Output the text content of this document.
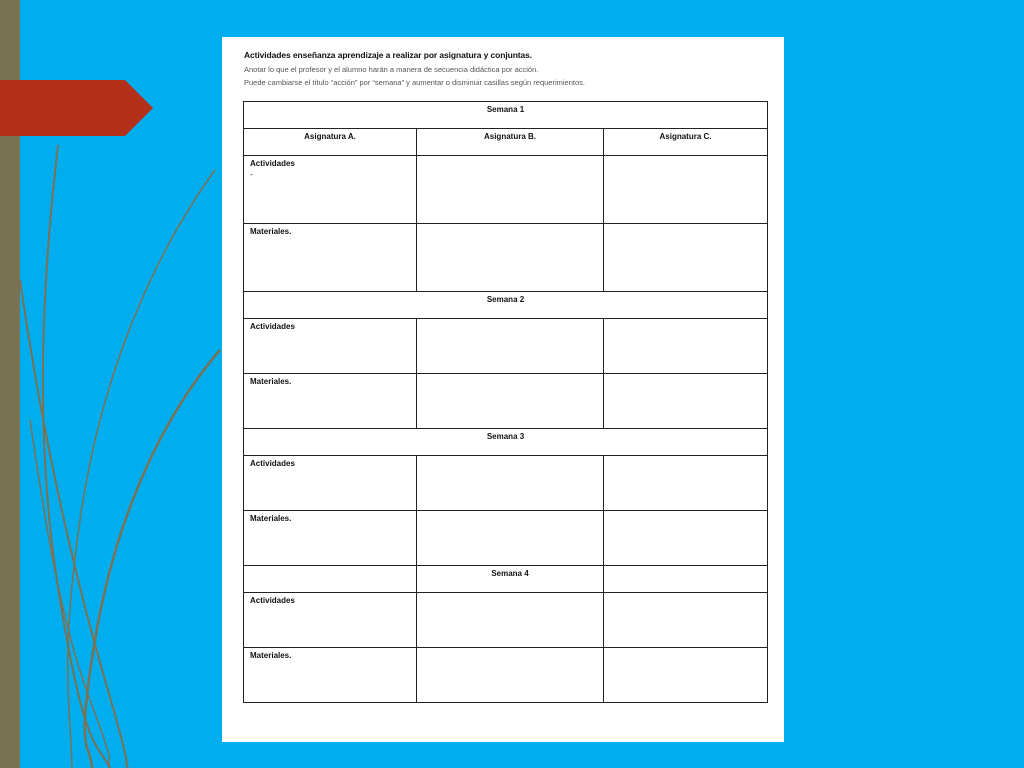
Actividades enseñanza aprendizaje a realizar por asignatura y conjuntas.
Anotar lo que el profesor y el alumno harán a manera de secuencia didáctica por acción.
Puede cambiarse el título “acción” por “semana” y aumentar o disminuir casillas según requerimientos.
Semana 1		
Asignatura A.	Asignatura B.	Asignatura C.

Actividades
-		

Materiales.		
Semana 2		
Actividades		
Materiales.		
Semana 3		
Actividades		
Materiales.		
	Semana 4	
Actividades		
Materiales.		
